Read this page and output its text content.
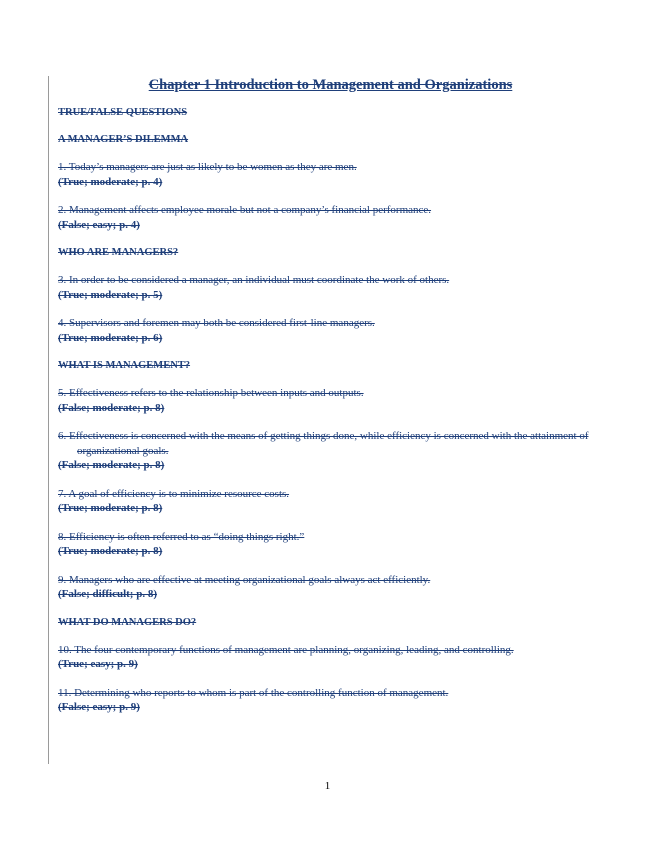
Chapter 1 Introduction to Management and Organizations
TRUE/FALSE QUESTIONS
A MANAGER’S DILEMMA
1. Today’s managers are just as likely to be women as they are men.
(True; moderate; p. 4)
2. Management affects employee morale but not a company’s financial performance.
(False; easy; p. 4)
WHO ARE MANAGERS?
3. In order to be considered a manager, an individual must coordinate the work of others.
(True; moderate; p. 5)
4. Supervisors and foremen may both be considered first-line managers.
(True; moderate; p. 6)
WHAT IS MANAGEMENT?
5. Effectiveness refers to the relationship between inputs and outputs.
(False; moderate; p. 8)
6. Effectiveness is concerned with the means of getting things done, while efficiency is concerned with the attainment of organizational goals.
(False; moderate; p. 8)
7. A goal of efficiency is to minimize resource costs.
(True; moderate; p. 8)
8. Efficiency is often referred to as “doing things right.”
(True; moderate; p. 8)
9. Managers who are effective at meeting organizational goals always act efficiently.
(False; difficult; p. 8)
WHAT DO MANAGERS DO?
10. The four contemporary functions of management are planning, organizing, leading, and controlling.
(True; easy; p. 9)
11. Determining who reports to whom is part of the controlling function of management.
(False; easy; p. 9)
1
